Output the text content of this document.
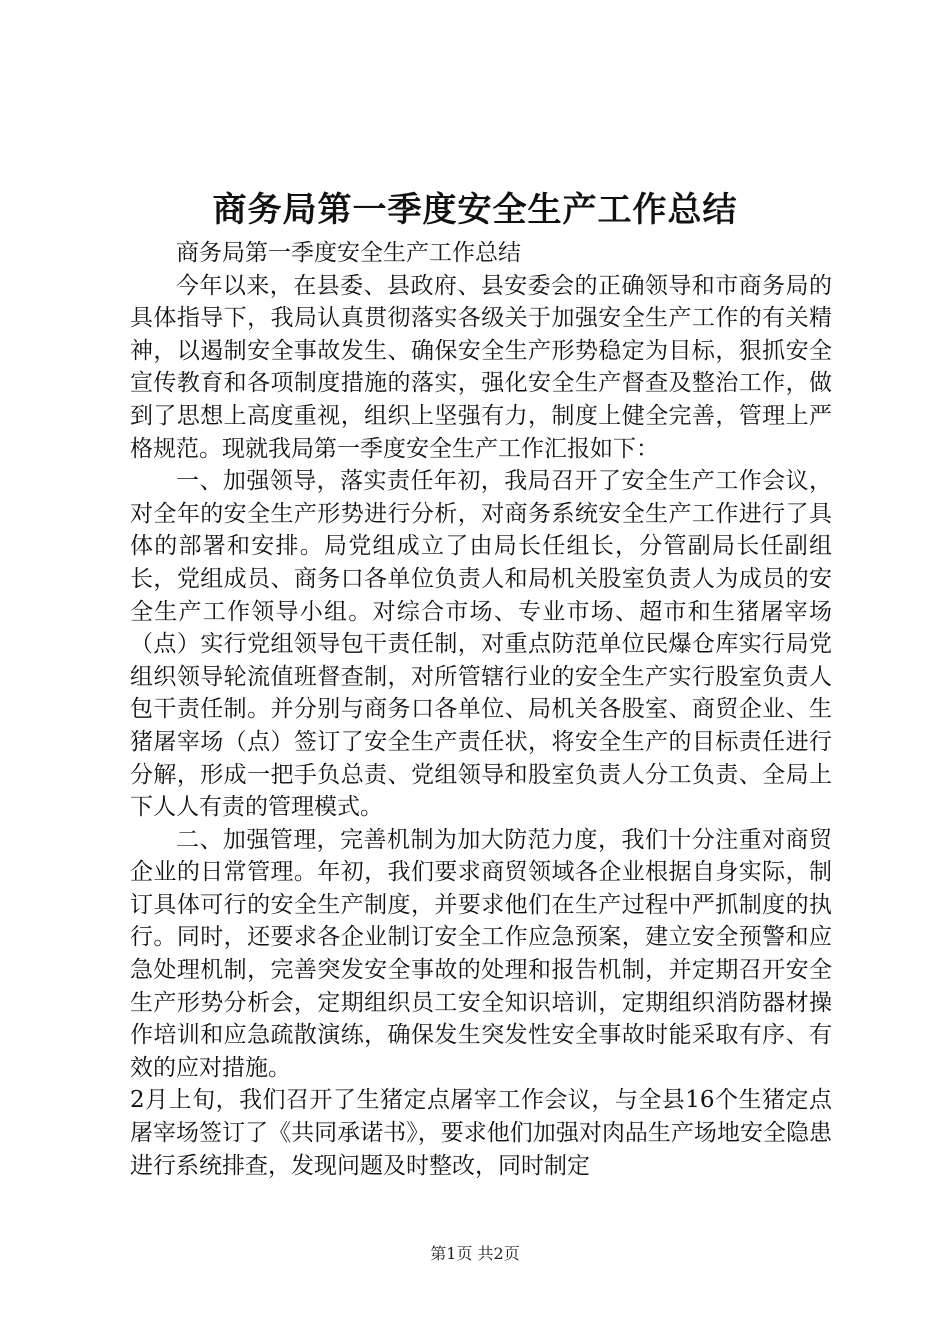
商务局第一季度安全生产工作总结

商务局第一季度安全生产工作总结

今年以来，在县委、县政府、县安委会的正确领导和市商务局的具体指导下，我局认真贯彻落实各级关于加强安全生产工作的有关精神，以遏制安全事故发生、确保安全生产形势稳定为目标，狠抓安全宣传教育和各项制度措施的落实，强化安全生产督查及整治工作，做到了思想上高度重视，组织上坚强有力，制度上健全完善，管理上严格规范。现就我局第一季度安全生产工作汇报如下：

一、加强领导，落实责任年初，我局召开了安全生产工作会议，对全年的安全生产形势进行分析，对商务系统安全生产工作进行了具体的部署和安排。局党组成立了由局长任组长，分管副局长任副组长，党组成员、商务口各单位负责人和局机关股室负责人为成员的安全生产工作领导小组。对综合市场、专业市场、超市和生猪屠宰场（点）实行党组领导包干责任制，对重点防范单位民爆仓库实行局党组织领导轮流值班督查制，对所管辖行业的安全生产实行股室负责人包干责任制。并分别与商务口各单位、局机关各股室、商贸企业、生猪屠宰场（点）签订了安全生产责任状，将安全生产的目标责任进行分解，形成一把手负总责、党组领导和股室负责人分工负责、全局上下人人有责的管理模式。

二、加强管理，完善机制为加大防范力度，我们十分注重对商贸企业的日常管理。年初，我们要求商贸领域各企业根据自身实际，制订具体可行的安全生产制度，并要求他们在生产过程中严抓制度的执行。同时，还要求各企业制订安全工作应急预案，建立安全预警和应急处理机制，完善突发安全事故的处理和报告机制，并定期召开安全生产形势分析会，定期组织员工安全知识培训，定期组织消防器材操作培训和应急疏散演练，确保发生突发性安全事故时能采取有序、有效的应对措施。

2月上旬，我们召开了生猪定点屠宰工作会议，与全县16个生猪定点屠宰场签订了《共同承诺书》，要求他们加强对肉品生产场地安全隐患进行系统排查，发现问题及时整改，同时制定

第1页 共2页
